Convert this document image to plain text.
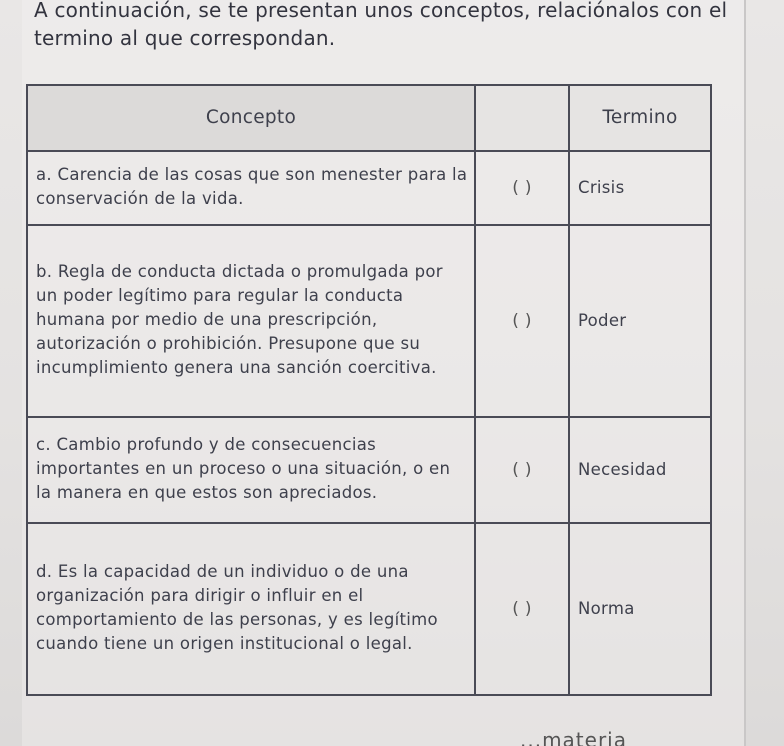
A continuación, se te presentan unos conceptos, relaciónalos con el termino al que correspondan.
Concepto		Termino
a. Carencia de las cosas que son menester para la conservación de la vida.	( )	Crisis
b. Regla de conducta dictada o promulgada por un poder legítimo para regular la conducta humana por medio de una prescripción, autorización o prohibición. Presupone que su incumplimiento genera una sanción coercitiva.	( )	Poder
c. Cambio profundo y de consecuencias importantes en un proceso o una situación, o en la manera en que estos son apreciados.	( )	Necesidad
d. Es la capacidad de un individuo o de una organización para dirigir o influir en el comportamiento de las personas, y es legítimo cuando tiene un origen institucional o legal.	( )	Norma
...materia
